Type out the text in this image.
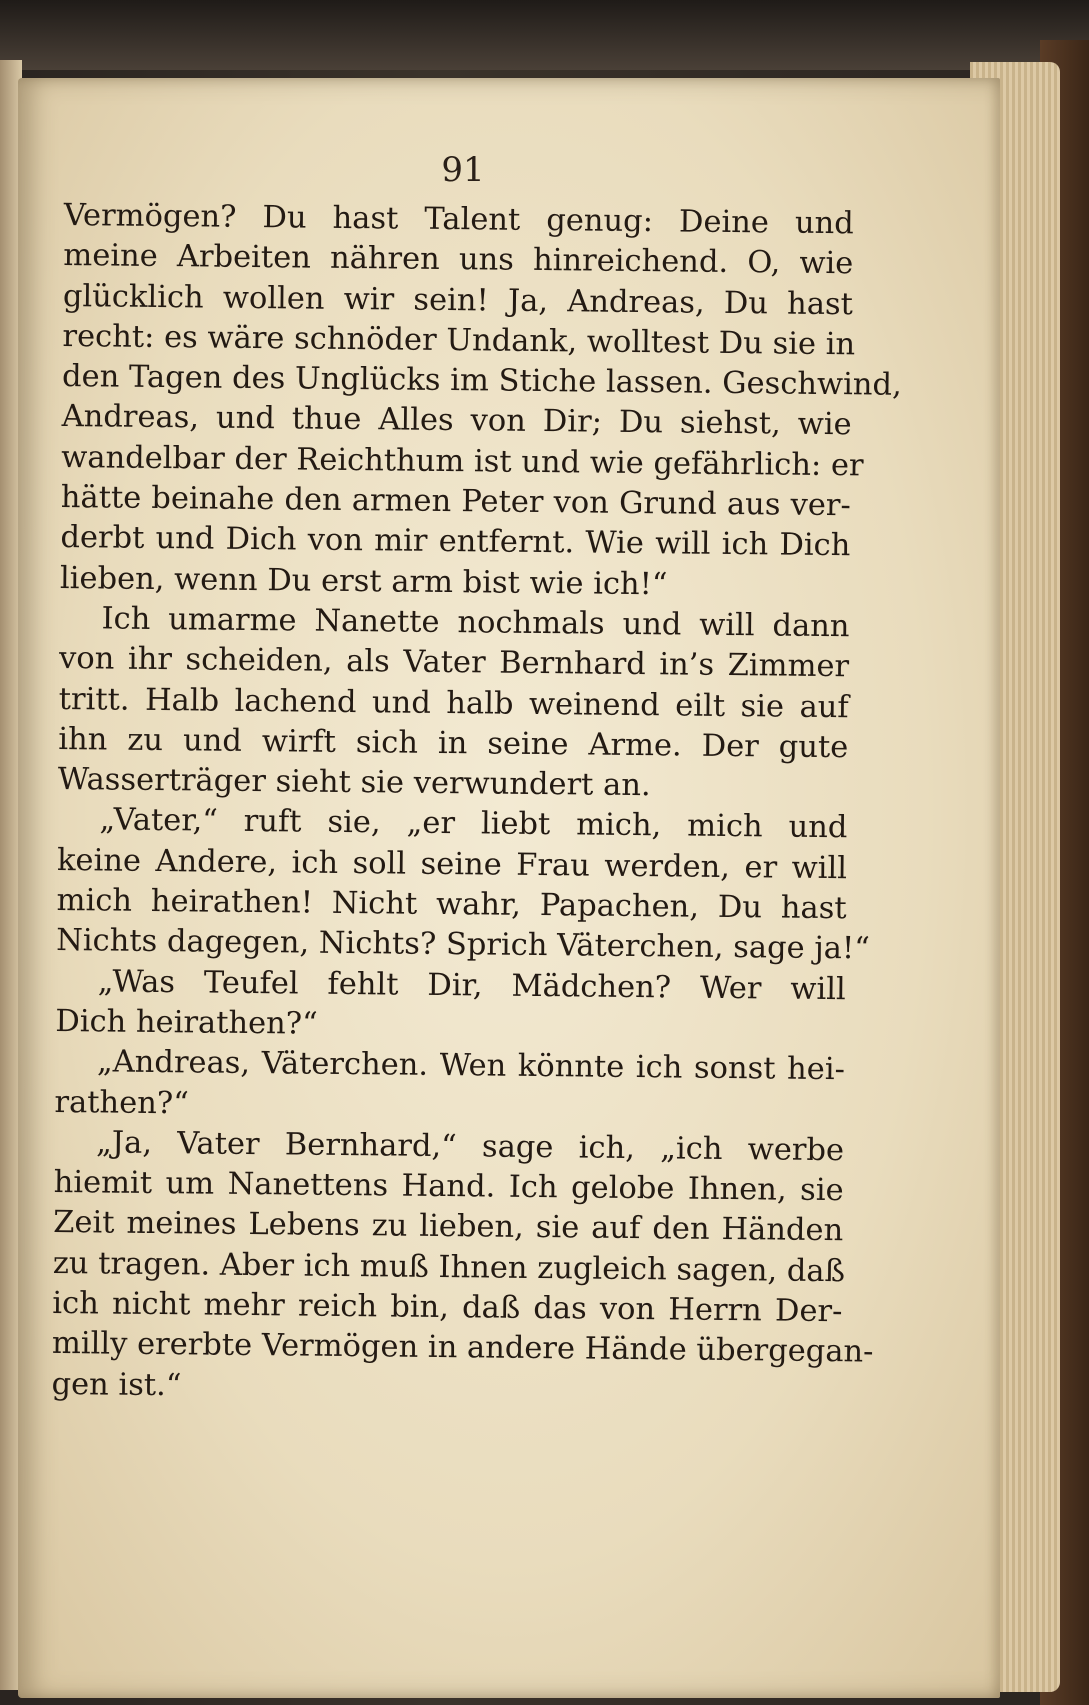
91
Vermögen? Du hast Talent genug: Deine und
meine Arbeiten nähren uns hinreichend. O, wie
glücklich wollen wir sein! Ja, Andreas, Du hast
recht: es wäre schnöder Undank, wolltest Du sie in
den Tagen des Unglücks im Stiche lassen. Geschwind,
Andreas, und thue Alles von Dir; Du siehst, wie
wandelbar der Reichthum ist und wie gefährlich: er
hätte beinahe den armen Peter von Grund aus ver-
derbt und Dich von mir entfernt. Wie will ich Dich
lieben, wenn Du erst arm bist wie ich!“
Ich umarme Nanette nochmals und will dann
von ihr scheiden, als Vater Bernhard in’s Zimmer
tritt. Halb lachend und halb weinend eilt sie auf
ihn zu und wirft sich in seine Arme. Der gute
Wasserträger sieht sie verwundert an.
„Vater,“ ruft sie, „er liebt mich, mich und
keine Andere, ich soll seine Frau werden, er will
mich heirathen! Nicht wahr, Papachen, Du hast
Nichts dagegen, Nichts? Sprich Väterchen, sage ja!“
„Was Teufel fehlt Dir, Mädchen? Wer will
Dich heirathen?“
„Andreas, Väterchen. Wen könnte ich sonst hei-
rathen?“
„Ja, Vater Bernhard,“ sage ich, „ich werbe
hiemit um Nanettens Hand. Ich gelobe Ihnen, sie
Zeit meines Lebens zu lieben, sie auf den Händen
zu tragen. Aber ich muß Ihnen zugleich sagen, daß
ich nicht mehr reich bin, daß das von Herrn Der-
milly ererbte Vermögen in andere Hände übergegan-
gen ist.“
